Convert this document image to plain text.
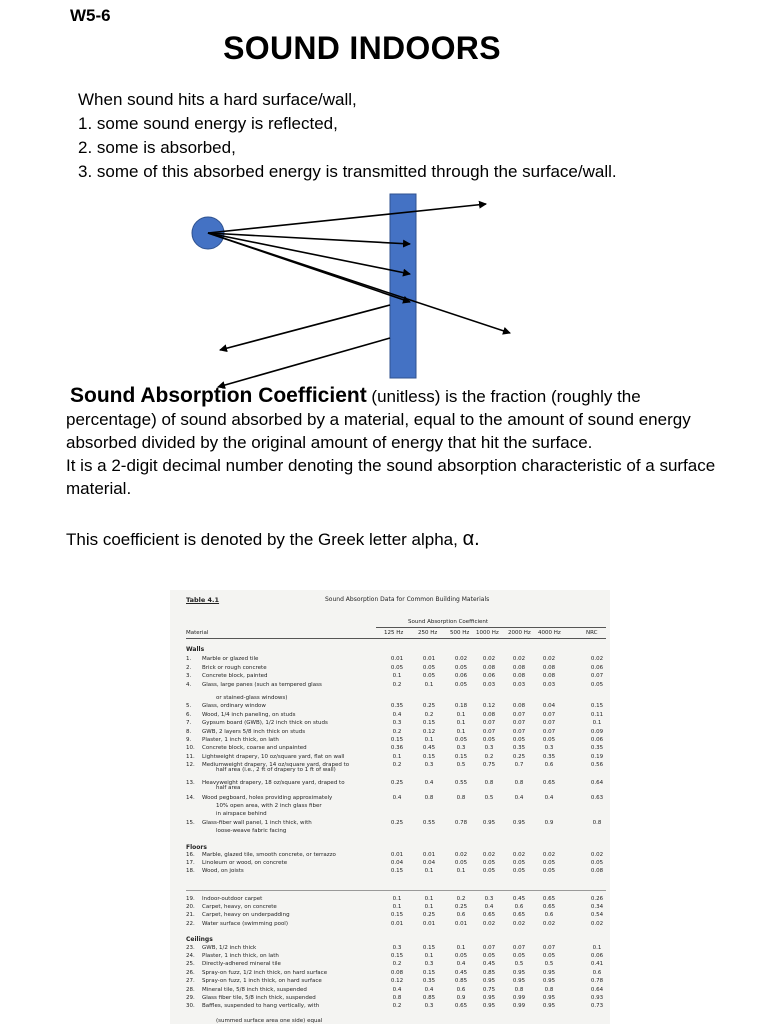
W5-6
SOUND INDOORS
When sound hits a hard surface/wall,
1. some sound energy is reflected,
2. some is absorbed,
3. some of this absorbed energy is transmitted through the surface/wall.
Sound Absorption Coefficient (unitless) is the fraction (roughly the percentage) of sound absorbed by a material, equal to the amount of sound energy absorbed divided by the original amount of energy that hit the surface.
It is a 2-digit decimal number denoting the sound absorption characteristic of a surface material.
This coefficient is denoted by the Greek letter alpha, α.
Table 4.1	Sound Absorption Data for Common Building Materials
Sound Absorption Coefficient
Material	125 Hz	250 Hz 500 Hz 1000 Hz 2000 Hz 4000 Hz	NRC
Walls
Floors
Ceilings
or stained-glass windows)
half area (i.e., 2 ft of drapery to 1 ft of wall)
half area
10% open area, with 2 inch glass fiber
in airspace behind
loose-weave fabric facing
(summed surface area one side) equal
1. Marble or glazed tile	0.01	0.01	0.02	0.02	0.02	0.02	0.02
2. Brick or rough concrete	0.05	0.05	0.05	0.08	0.08	0.08	0.06
3. Concrete block, painted	0.1	0.05	0.06	0.06	0.08	0.08	0.07
4. Glass, large panes (such as tempered glass	0.2	0.1	0.05	0.03	0.03	0.03	0.05
5. Glass, ordinary window	0.35	0.25	0.18	0.12	0.08	0.04	0.15
6. Wood, 1/4 inch paneling, on studs	0.4	0.2	0.1	0.08	0.07	0.07	0.11
7. Gypsum board (GWB), 1/2 inch thick on studs	0.3	0.15	0.1	0.07	0.07	0.07	0.1
8. GWB, 2 layers 5/8 inch thick on studs	0.2	0.12	0.1	0.07	0.07	0.07	0.09
9. Plaster, 1 inch thick, on lath	0.15	0.1	0.05	0.05	0.05	0.05	0.06
10. Concrete block, coarse and unpainted	0.36	0.45	0.3	0.3	0.35	0.3	0.35
11. Lightweight drapery, 10 oz/square yard, flat on wall	0.1	0.15	0.15	0.2	0.25	0.35	0.19
12. Mediumweight drapery, 14 oz/square yard, draped to	0.2	0.3	0.5	0.75	0.7	0.6	0.56
13. Heavyweight drapery, 18 oz/square yard, draped to	0.25	0.4	0.55	0.8	0.8	0.65	0.64
14. Wood pegboard, holes providing approximately	0.4	0.8	0.8	0.5	0.4	0.4	0.63
15. Glass-fiber wall panel, 1 inch thick, with	0.25	0.55	0.78	0.95	0.95	0.9	0.8
16. Marble, glazed tile, smooth concrete, or terrazzo	0.01	0.01	0.02	0.02	0.02	0.02	0.02
17. Linoleum or wood, on concrete	0.04	0.04	0.05	0.05	0.05	0.05	0.05
18. Wood, on joists	0.15	0.1	0.1	0.05	0.05	0.05	0.08
19. Indoor-outdoor carpet	0.1	0.1	0.2	0.3	0.45	0.65	0.26
20. Carpet, heavy, on concrete	0.1	0.1	0.25	0.4	0.6	0.65	0.34
21. Carpet, heavy on underpadding	0.15	0.25	0.6	0.65	0.65	0.6	0.54
22. Water surface (swimming pool)	0.01	0.01	0.01	0.02	0.02	0.02	0.02
23. GWB, 1/2 inch thick	0.3	0.15	0.1	0.07	0.07	0.07	0.1
24. Plaster, 1 inch thick, on lath	0.15	0.1	0.05	0.05	0.05	0.05	0.06
25. Directly-adhered mineral tile	0.2	0.3	0.4	0.45	0.5	0.5	0.41
26. Spray-on fuzz, 1/2 inch thick, on hard surface	0.08	0.15	0.45	0.85	0.95	0.95	0.6
27. Spray-on fuzz, 1 inch thick, on hard surface	0.12	0.35	0.85	0.95	0.95	0.95	0.78
28. Mineral tile, 5/8 inch thick, suspended	0.4	0.4	0.6	0.75	0.8	0.8	0.64
29. Glass fiber tile, 5/8 inch thick, suspended	0.8	0.85	0.9	0.95	0.99	0.95	0.93
30. Baffles, suspended to hang vertically, with	0.2	0.3	0.65	0.95	0.99	0.95	0.73
